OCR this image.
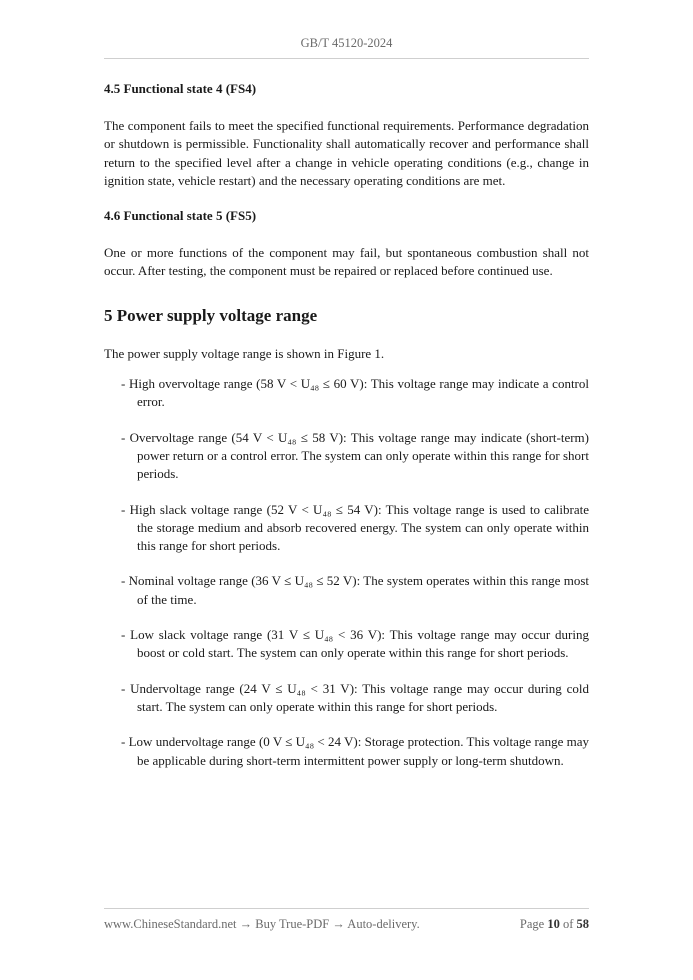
GB/T 45120-2024

4.5 Functional state 4 (FS4)

The component fails to meet the specified functional requirements. Performance degradation or shutdown is permissible. Functionality shall automatically recover and performance shall return to the specified level after a change in vehicle operating conditions (e.g., change in ignition state, vehicle restart) and the necessary operating conditions are met.

4.6 Functional state 5 (FS5)

One or more functions of the component may fail, but spontaneous combustion shall not occur. After testing, the component must be repaired or replaced before continued use.

5 Power supply voltage range

The power supply voltage range is shown in Figure 1.

- High overvoltage range (58 V < U₄₈ ≤ 60 V): This voltage range may indicate a control error.
- Overvoltage range (54 V < U₄₈ ≤ 58 V): This voltage range may indicate (short-term) power return or a control error. The system can only operate within this range for short periods.
- High slack voltage range (52 V < U₄₈ ≤ 54 V): This voltage range is used to calibrate the storage medium and absorb recovered energy. The system can only operate within this range for short periods.
- Nominal voltage range (36 V ≤ U₄₈ ≤ 52 V): The system operates within this range most of the time.
- Low slack voltage range (31 V ≤ U₄₈ < 36 V): This voltage range may occur during boost or cold start. The system can only operate within this range for short periods.
- Undervoltage range (24 V ≤ U₄₈ < 31 V): This voltage range may occur during cold start. The system can only operate within this range for short periods.
- Low undervoltage range (0 V ≤ U₄₈ < 24 V): Storage protection. This voltage range may be applicable during short-term intermittent power supply or long-term shutdown.
www.ChineseStandard.net → Buy True-PDF → Auto-delivery.	Page 10 of 58
